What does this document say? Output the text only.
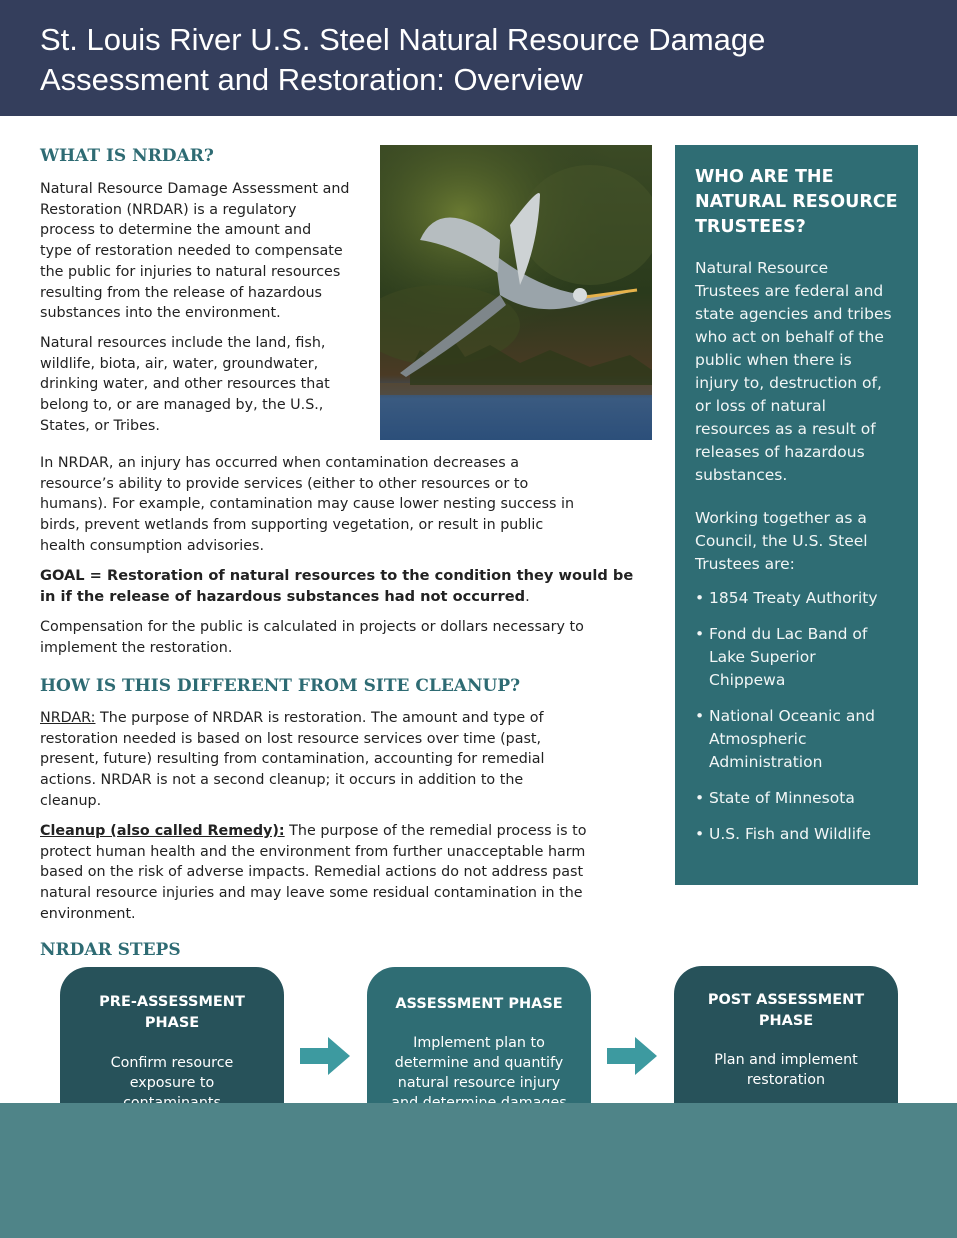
St. Louis River U.S. Steel Natural Resource Damage
Assessment and Restoration: Overview
WHAT IS NRDAR?

Natural Resource Damage Assessment and
Restoration (NRDAR) is a regulatory
process to determine the amount and
type of restoration needed to compensate
the public for injuries to natural resources
resulting from the release of hazardous
substances into the environment.

Natural resources include the land, fish,
wildlife, biota, air, water, groundwater,
drinking water, and other resources that
belong to, or are managed by, the U.S.,
States, or Tribes.

In NRDAR, an injury has occurred when contamination decreases a
resource’s ability to provide services (either to other resources or to
humans). For example, contamination may cause lower nesting success in
birds, prevent wetlands from supporting vegetation, or result in public
health consumption advisories.

GOAL = Restoration of natural resources to the condition they would be
in if the release of hazardous substances had not occurred.

Compensation for the public is calculated in projects or dollars necessary to
implement the restoration.

HOW IS THIS DIFFERENT FROM SITE CLEANUP?

NRDAR: The purpose of NRDAR is restoration. The amount and type of
restoration needed is based on lost resource services over time (past,
present, future) resulting from contamination, accounting for remedial
actions. NRDAR is not a second cleanup; it occurs in addition to the
cleanup.

Cleanup (also called Remedy): The purpose of the remedial process is to
protect human health and the environment from further unacceptable harm
based on the risk of adverse impacts. Remedial actions do not address past
natural resource injuries and may leave some residual contamination in the
environment.

WHO ARE THE
NATURAL RESOURCE
TRUSTEES?

Natural Resource
Trustees are federal and
state agencies and tribes
who act on behalf of the
public when there is
injury to, destruction of,
or loss of natural
resources as a result of
releases of hazardous
substances.

Working together as a
Council, the U.S. Steel
Trustees are:

• 1854 Treaty Authority
• Fond du Lac Band of
Lake Superior
Chippewa
• National Oceanic and
Atmospheric
Administration
• State of Minnesota
• U.S. Fish and Wildlife
NRDAR STEPS
PRE-ASSESSMENT
PHASE
Confirm resource
exposure to

ASSESSMENT PHASE
Implement plan to
determine and quantify
natural resource injury

POST ASSESSMENT
PHASE
Plan and implement
restoration
